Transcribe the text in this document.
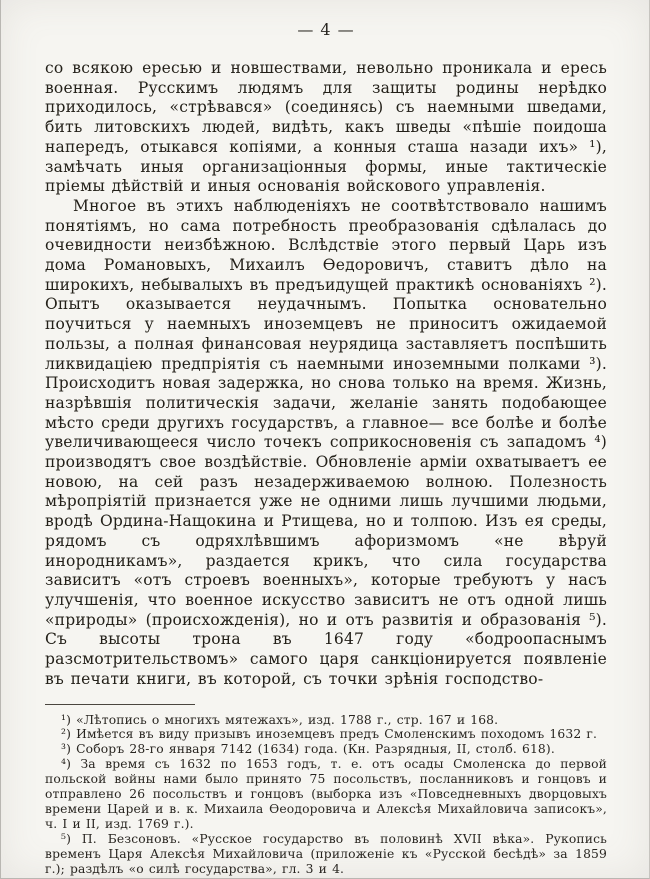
— 4 —

со всякою ересью и новшествами, невольно проникала и ересь военная. Русскимъ людямъ для защиты родины нерѣдко приходилось, «стрѣвався» (соединясь) съ наемными шведами, бить литовскихъ людей, видѣть, какъ шведы «пѣшіе поидоша напередъ, отыкався копіями, а конныя сташа назади ихъ» ¹), замѣчать иныя организаціонныя формы, иные тактическіе пріемы дѣйствій и иныя основанія войскового управленія.

Многое въ этихъ наблюденіяхъ не соотвѣтствовало нашимъ понятіямъ, но сама потребность преобразованія сдѣлалась до очевидности неизбѣжною. Вслѣдствіе этого первый Царь изъ дома Романовыхъ, Михаилъ Ѳедоровичъ, ставитъ дѣло на широкихъ, небывалыхъ въ предъидущей практикѣ основаніяхъ ²). Опытъ оказывается неудачнымъ. Попытка основательно поучиться у наемныхъ иноземцевъ не приноситъ ожидаемой пользы, а полная финансовая неурядица заставляетъ поспѣшить ликвидаціею предпріятія съ наемными иноземными полками ³). Происходитъ новая задержка, но снова только на время. Жизнь, назрѣвшія политическія задачи, желаніе занять подобающее мѣсто среди другихъ государствъ, а главное— все болѣе и болѣе увеличивающееся число точекъ соприкосновенія съ западомъ ⁴) производятъ свое воздѣйствіе. Обновленіе арміи охватываетъ ее новою, на сей разъ незадерживаемою волною. Полезность мѣропріятій признается уже не одними лишь лучшими людьми, вродѣ Ордина-Нащокина и Ртищева, но и толпою. Изъ ея среды, рядомъ съ одряхлѣвшимъ афоризмомъ «не вѣруй инородникамъ», раздается крикъ, что сила государства зависитъ «отъ строевъ военныхъ», которые требуютъ у насъ улучшенія, что военное искусство зависитъ не отъ одной лишь «природы» (происхожденія), но и отъ развитія и образованія ⁵). Съ высоты трона въ 1647 году «бодроопаснымъ разсмотрительствомъ» самого царя санкціонируется появленіе въ печати книги, въ которой, съ точки зрѣнія господство-

¹) «Лѣтопись о многихъ мятежахъ», изд. 1788 г., стр. 167 и 168.

²) Имѣется въ виду призывъ иноземцевъ предъ Смоленскимъ походомъ 1632 г.

³) Соборъ 28-го января 7142 (1634) года. (Кн. Разрядныя, II, столб. 618).

⁴) За время съ 1632 по 1653 годъ, т. е. отъ осады Смоленска до первой польской войны нами было принято 75 посольствъ, посланниковъ и гонцовъ и отправлено 26 посольствъ и гонцовъ (выборка изъ «Повседневныхъ дворцовыхъ времени Царей и в. к. Михаила Ѳеодоровича и Алексѣя Михайловича записокъ», ч. I и II, изд. 1769 г.).

⁵) П. Безсоновъ. «Русское государство въ половинѣ XVII вѣка». Рукопись временъ Царя Алексѣя Михайловича (приложеніе къ «Русской бесѣдѣ» за 1859 г.); раздѣлъ «о силѣ государства», гл. 3 и 4.
